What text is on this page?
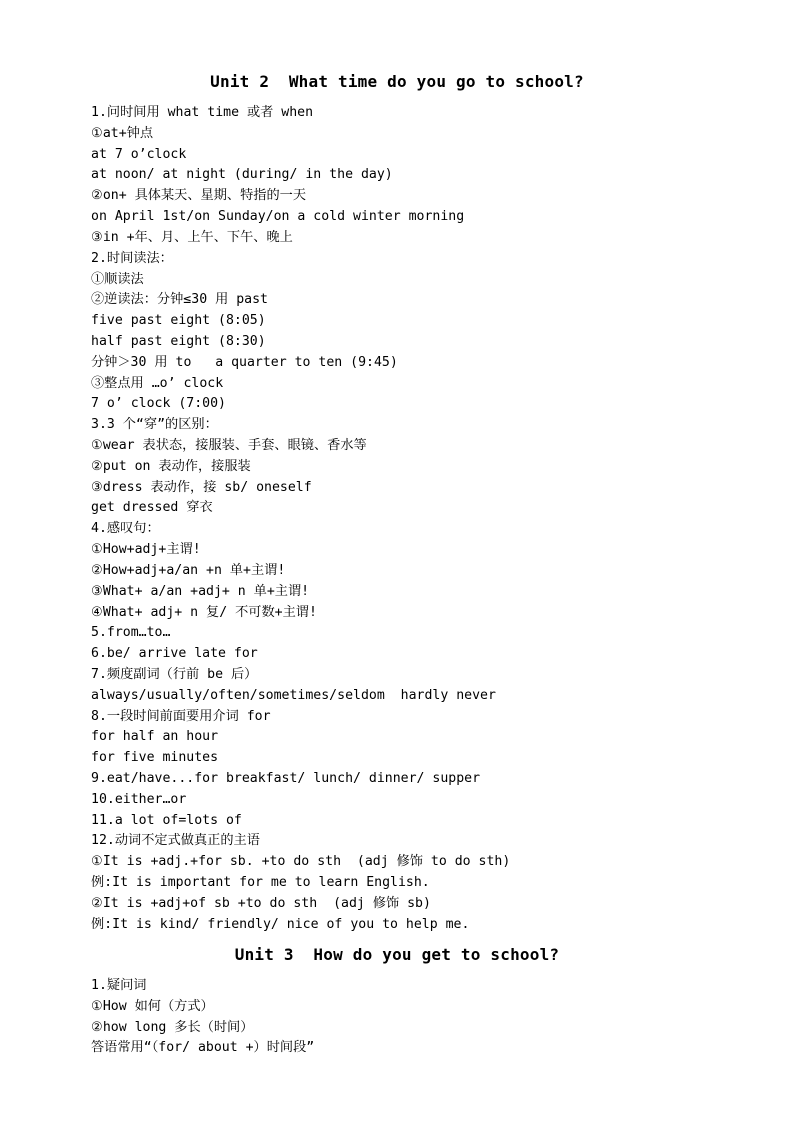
Unit 2  What time do you go to school?
1.问时间用 what time 或者 when
①at+钟点
at 7 o’clock
at noon/ at night (during/ in the day)
②on+ 具体某天、星期、特指的一天
on April 1st/on Sunday/on a cold winter morning
③in +年、月、上午、下午、晚上
2.时间读法：
①顺读法
②逆读法：分钟≤30 用 past
five past eight (8:05)
half past eight (8:30)
分钟＞30 用 to   a quarter to ten (9:45)
③整点用 …o’ clock
7 o’ clock (7:00)
3.3 个“穿”的区别：
①wear 表状态，接服装、手套、眼镜、香水等
②put on 表动作，接服装
③dress 表动作，接 sb/ oneself
get dressed 穿衣
4.感叹句：
①How+adj+主谓!
②How+adj+a/an +n 单+主谓!
③What+ a/an +adj+ n 单+主谓!
④What+ adj+ n 复/ 不可数+主谓!
5.from…to…
6.be/ arrive late for
7.频度副词（行前 be 后）
always/usually/often/sometimes/seldom  hardly never
8.一段时间前面要用介词 for
for half an hour
for five minutes
9.eat/have...for breakfast/ lunch/ dinner/ supper
10.either…or
11.a lot of=lots of
12.动词不定式做真正的主语
①It is +adj.+for sb. +to do sth  (adj 修饰 to do sth)
例:It is important for me to learn English.
②It is +adj+of sb +to do sth  (adj 修饰 sb)
例:It is kind/ friendly/ nice of you to help me.
Unit 3  How do you get to school?
1.疑问词
①How 如何（方式）
②how long 多长（时间）
答语常用“（for/ about +）时间段”
